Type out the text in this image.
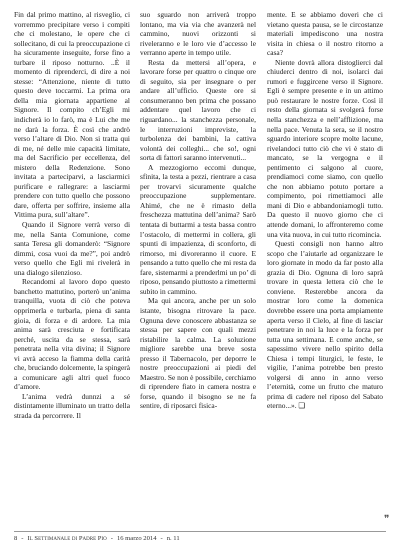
Fin dal primo mattino, al risveglio, ci vorremmo precipitare verso i compiti che ci molestano, le opere che ci sollecitano, di cui la preoccupazione ci ha sicuramente inseguite, forse fino a turbare il riposo notturno. ..È il momento di riprenderci, di dire a noi stesse: “Attenzione, niente di tutto questo deve toccarmi. La prima ora della mia giornata appartiene al Signore. Il compito ch’Egli mi indicherà io lo farò, ma è Lui che me ne darà la forza. È così che andrò verso l’altare di Dio. Non si tratta qui di me, né delle mie capacità limitate, ma del Sacrificio per eccellenza, del mistero della Redenzione. Sono invitata a parteciparvi, a lasciarmici purificare e rallegrare: a lasciarmi prendere con tutto quello che possono dare, offerta per soffrire, insieme alla Vittima pura, sull’altare”.

Quando il Signore verrà verso di me, nella Santa Comunione, come santa Teresa gli domanderò: “Signore dimmi, cosa vuoi da me?”, poi andrò verso quello che Egli mi rivelerà in una dialogo silenzioso.

Recandomi al lavoro dopo questo banchetto mattutino, porterò un’anima tranquilla, vuota di ciò che poteva opprimerla e turbarla, piena di santa gioia, di forza e di ardore. La mia anima sarà cresciuta e fortificata perché, uscita da se stessa, sarà penetrata nella vita divina; il Signore vi avrà acceso la fiamma della carità che, bruciando dolcemente, la spingerà a comunicare agli altri quel fuoco d’amore.

L’anima vedrà dunnzi a sé distintamente illuminato un tratto della strada da percorrere. Il

suo sguardo non arriverà troppo lontano, ma via via che avanzerà nel cammino, nuovi orizzonti si riveleranno e le loro vie d’accesso le verranno aperte in tempo utile.

Resta da mettersi all’opera, e lavorare forse per quattro o cinque ore di seguito, sia per insegnare o per andare all’ufficio. Queste ore si consumeranno ben prima che possano addentare quel lavoro che ci riguardano... la stanchezza personale, le interruzioni impreviste, la turbolenza dei bambini, la cattiva volontà dei colleghi... che so!, ogni sorta di fattori saranno intervenuti...

A mezzogiorno eccomi dunque, sfinita, la testa a pezzi, rientrare a casa per trovarvi sicuramente qualche preoccupazione supplementare. Ahimé, che ne è rimasto della freschezza mattutina dell’anima? Sarò tentata di buttarmi a testa bassa contro l’ostacolo, di mettermi in collera, gli spunti di impazienza, di sconforto, di rimorso, mi divoreranno il cuore. E pensando a tutto quello che mi resta da fare, sistemarmi a prenderlmi un po’ di riposo, pensando piuttosto a rimettermi subito in cammino.

Ma qui ancora, anche per un solo istante, bisogna ritrovare la pace. Ognuna deve conoscere abbastanza se stessa per sapere con quali mezzi ristabilire la calma. La soluzione migliore sarebbe una breve sosta presso il Tabernacolo, per deporre le nostre preoccupazioni ai piedi del Maestro. Se non è possibile, cerchiamo di riprendere fiato in camera nostra e forse, quando il bisogno se ne fa sentire, di riposarci fisica-

mente. E se abbiamo doveri che ci vietano questa pausa, se le circostanze materiali impediscono una nostra visita in chiesa o il nostro ritorno a casa?

Niente dovrà allora distoglierci dal chiuderci dentro di noi, isolarci dai rumori e fuggircene verso il Signore. Egli è sempre presente e in un attimo può restaurare le nostre forze. Così il resto della giornata si svolgerà forse nella stanchezza e nell’afflizione, ma nella pace. Venuta la sera, se il nostro sguardo interiore scopre molte lacune, rivelandoci tutto ciò che vi è stato di mancato, se la vergogna e il pentimento ci salgono al cuore, prendiamoci come siamo, con quello che non abbiamo potuto portare a compimento, poi rimettiamoci alle mani di Dio e abbandoniamogli tutto. Da questo il nuovo giorno che ci attende domani, lo affronteremo come una vita nuova, in cui tutto ricomincia.

Questi consigli non hanno altro scopo che l’aiutarle ad organizzare le loro giornate in modo da far posto alla grazia di Dio. Ognuna di loro saprà trovare in questa lettera ciò che le conviene. Resterebbe ancora da mostrar loro come la domenica dovrebbe essere una porta ampiamente aperta verso il Cielo, al fine di lasciar penetrare in noi la luce e la forza per tutta una settimana. E come anche, se sapessimo vivere nello spirito della Chiesa i tempi liturgici, le feste, le vigilie, l’anima potrebbe ben presto volgersi di anno in anno verso l’eternità, come un frutto che maturo prima di cadere nel riposo del Sabato eterno...». ❑

❞
8 - Il Settimanale di Padre Pio - 16 marzo 2014 - n. 11
